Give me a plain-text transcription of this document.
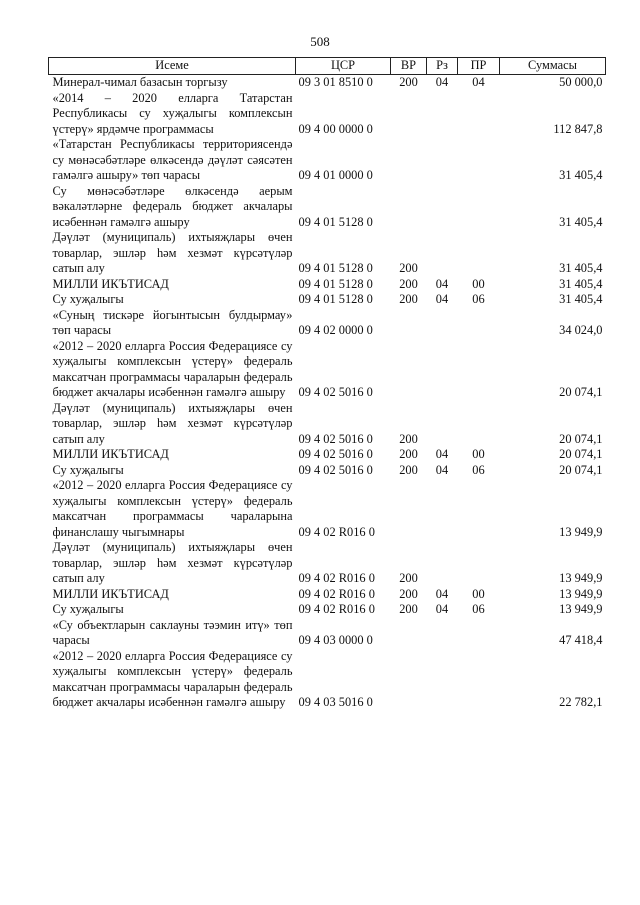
508
Исеме	ЦСР	ВР	Рз	ПР	Суммасы
Минерал-чимал базасын торгызу	09 3 01 8510 0	200	04	04	50 000,0
«2014 – 2020 елларга Татарстан Республикасы су хуҗалыгы комплексын үстерү» ярдәмче программасы	09 4 00 0000 0				112 847,8
«Татарстан Республикасы территориясендә су мөнәсәбәтләре өлкәсендә дәүләт сәясәтен гамәлгә ашыру» төп чарасы	09 4 01 0000 0				31 405,4
Су мөнәсәбәтләре өлкәсендә аерым вәкаләтләрне федераль бюджет акчалары исәбеннән гамәлгә ашыру	09 4 01 5128 0				31 405,4
Дәүләт (муниципаль) ихтыяҗлары өчен товарлар, эшләр һәм хезмәт күрсәтүләр сатып алу	09 4 01 5128 0	200			31 405,4
МИЛЛИ ИКЪТИСАД	09 4 01 5128 0	200	04	00	31 405,4
Су хуҗалыгы	09 4 01 5128 0	200	04	06	31 405,4
«Суның тискәре йогынтысын булдырмау» төп чарасы	09 4 02 0000 0				34 024,0
«2012 – 2020 елларга Россия Федерациясе су хуҗалыгы комплексын үстерү» федераль максатчан программасы чараларын федераль бюджет акчалары исәбеннән гамәлгә ашыру	09 4 02 5016 0				20 074,1
Дәүләт (муниципаль) ихтыяҗлары өчен товарлар, эшләр һәм хезмәт күрсәтүләр сатып алу	09 4 02 5016 0	200			20 074,1
МИЛЛИ ИКЪТИСАД	09 4 02 5016 0	200	04	00	20 074,1
Су хуҗалыгы	09 4 02 5016 0	200	04	06	20 074,1
«2012 – 2020 елларга Россия Федерациясе су хуҗалыгы комплексын үстерү» федераль максатчан программасы чараларына финанслашу чыгымнары	09 4 02 R016 0				13 949,9
Дәүләт (муниципаль) ихтыяҗлары өчен товарлар, эшләр һәм хезмәт күрсәтүләр сатып алу	09 4 02 R016 0	200			13 949,9
МИЛЛИ ИКЪТИСАД	09 4 02 R016 0	200	04	00	13 949,9
Су хуҗалыгы	09 4 02 R016 0	200	04	06	13 949,9
«Су объектларын саклауны тәэмин итү» төп чарасы	09 4 03 0000 0				47 418,4
«2012 – 2020 елларга Россия Федерациясе су хуҗалыгы комплексын үстерү» федераль максатчан программасы чараларын федераль бюджет акчалары исәбеннән гамәлгә ашыру	09 4 03 5016 0				22 782,1
